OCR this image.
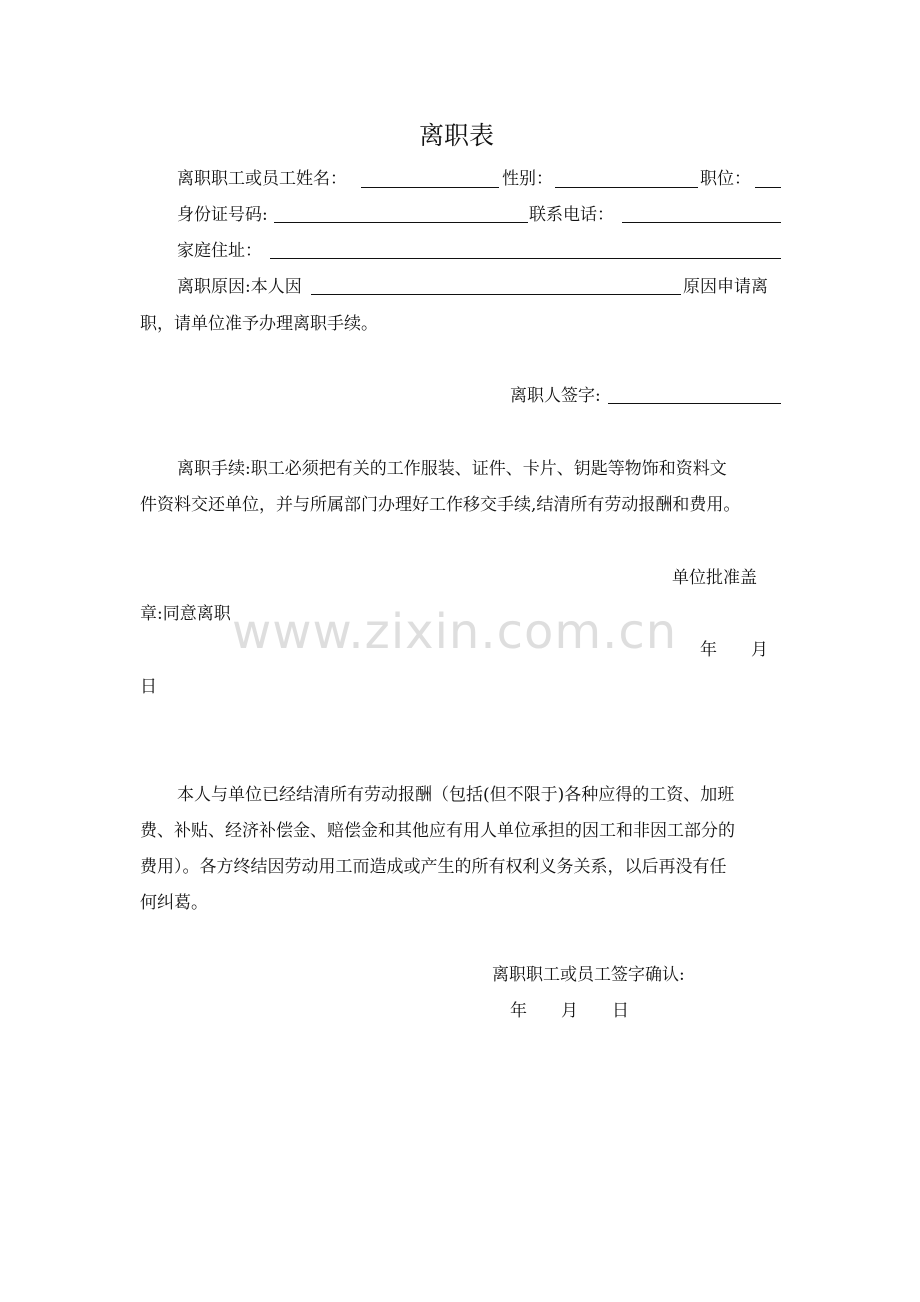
离职表
离职职工或员工姓名：	性别：	职位：
身份证号码:	联系电话：
家庭住址：
离职原因:本人因	原因申请离
职，请单位准予办理离职手续。
离职人签字:
离职手续:职工必须把有关的工作服装、证件、卡片、钥匙等物饰和资料文
件资料交还单位，并与所属部门办理好工作移交手续,结清所有劳动报酬和费用。
单位批准盖
章:同意离职
年　　月
日
www.zixin.com.cn
本人与单位已经结清所有劳动报酬（包括(但不限于)各种应得的工资、加班
费、补贴、经济补偿金、赔偿金和其他应有用人单位承担的因工和非因工部分的
费用）。各方终结因劳动用工而造成或产生的所有权利义务关系，以后再没有任
何纠葛。
离职职工或员工签字确认:
年　　月　　日
